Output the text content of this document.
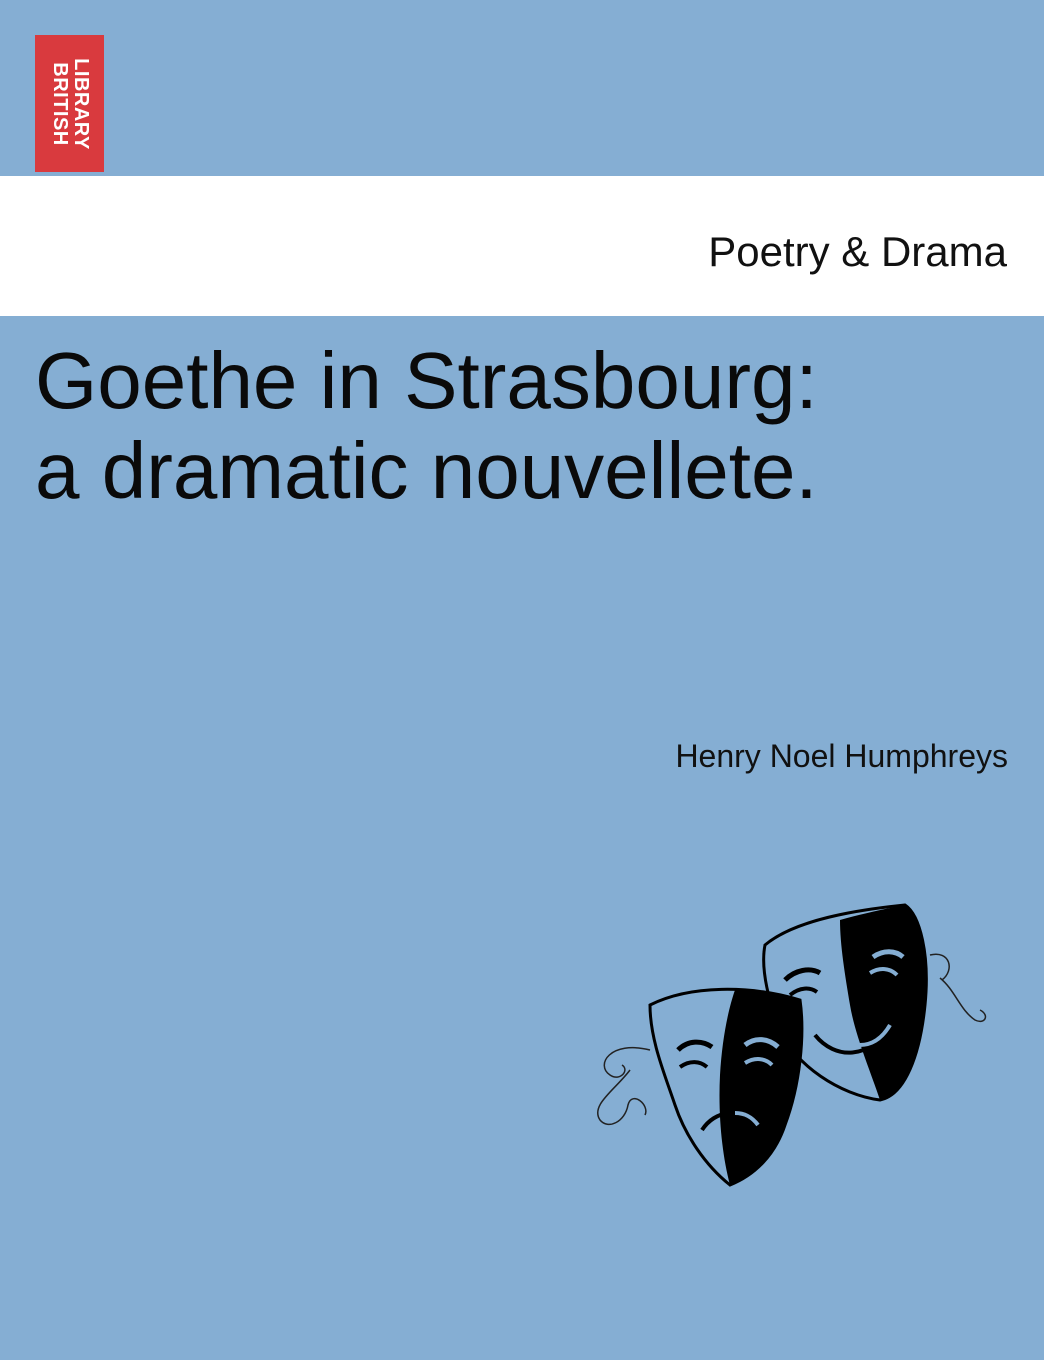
LIBRARY
BRITISH
Poetry & Drama
Goethe in Strasbourg:
a dramatic nouvellete.
Henry Noel Humphreys
